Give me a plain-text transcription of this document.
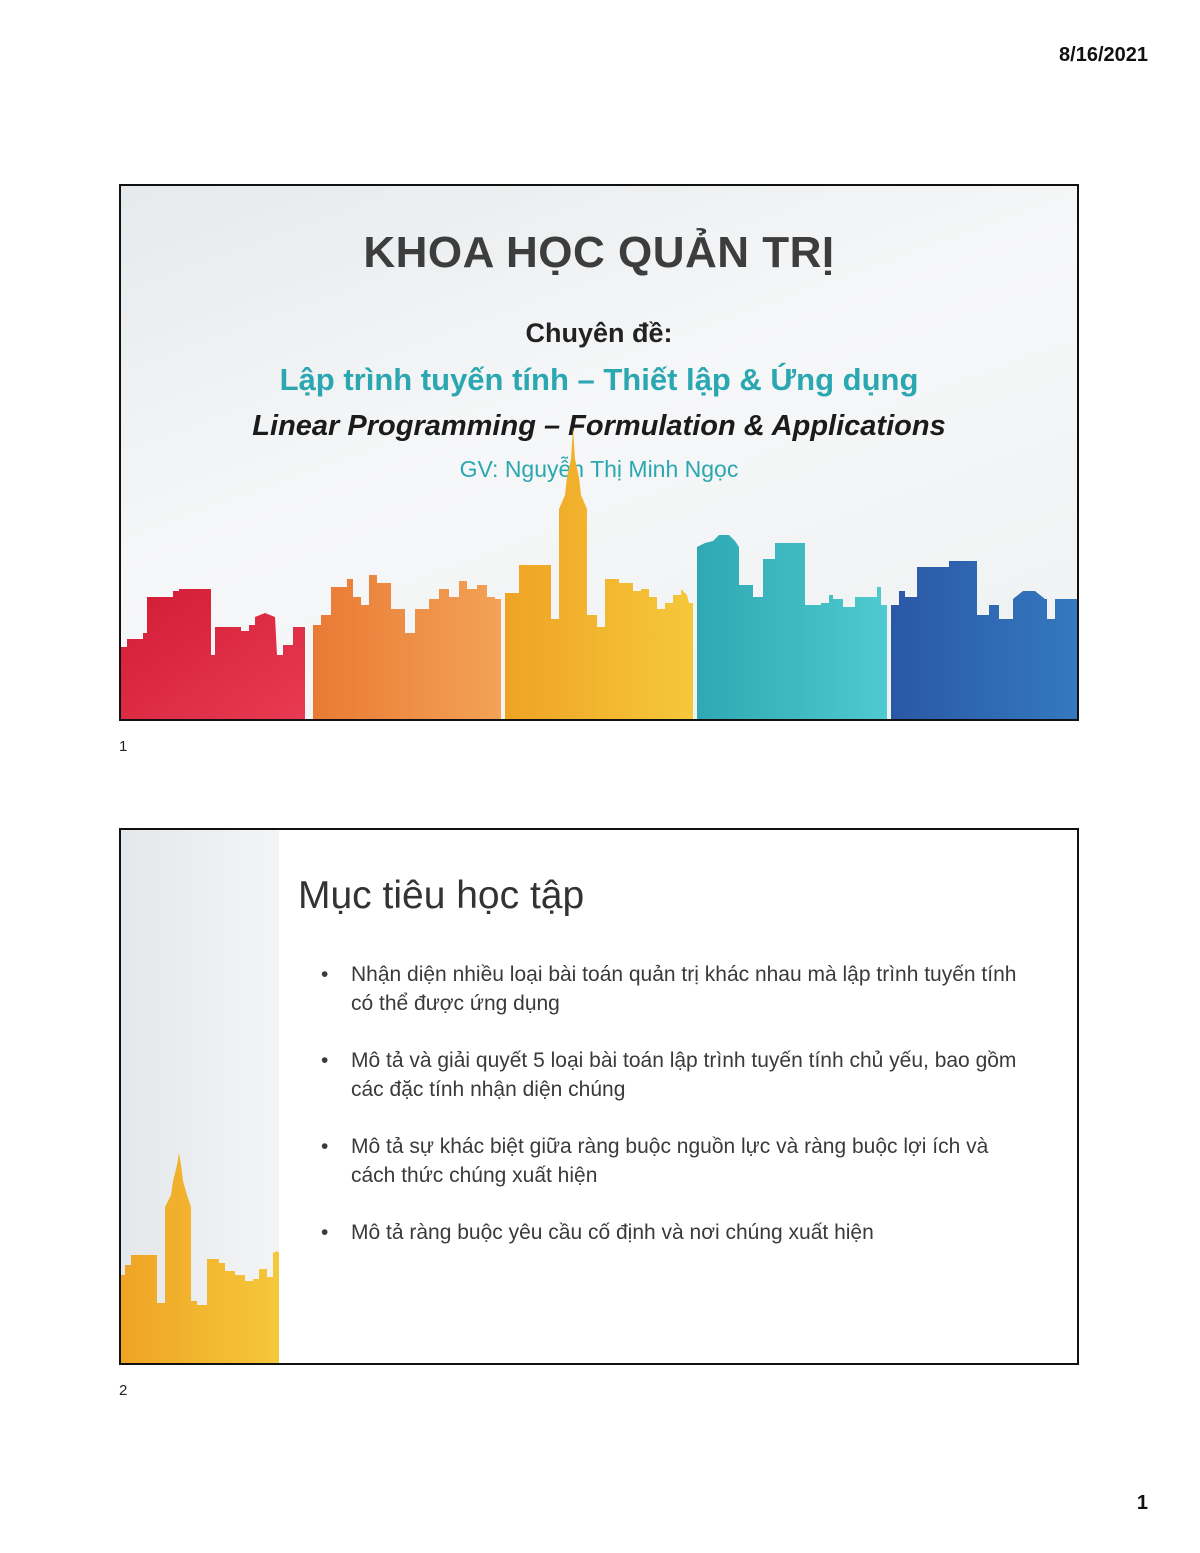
8/16/2021
KHOA HỌC QUẢN TRỊ
Chuyên đề:
Lập trình tuyến tính – Thiết lập & Ứng dụng
Linear Programming – Formulation & Applications
GV: Nguyễn Thị Minh Ngọc
1
Mục tiêu học tập
• Nhận diện nhiều loại bài toán quản trị khác nhau mà lập trình tuyến tính có thể được ứng dụng
• Mô tả và giải quyết 5 loại bài toán lập trình tuyến tính chủ yếu, bao gồm các đặc tính nhận diện chúng
• Mô tả sự khác biệt giữa ràng buộc nguồn lực và ràng buộc lợi ích và cách thức chúng xuất hiện
• Mô tả ràng buộc yêu cầu cố định và nơi chúng xuất hiện
2
1
